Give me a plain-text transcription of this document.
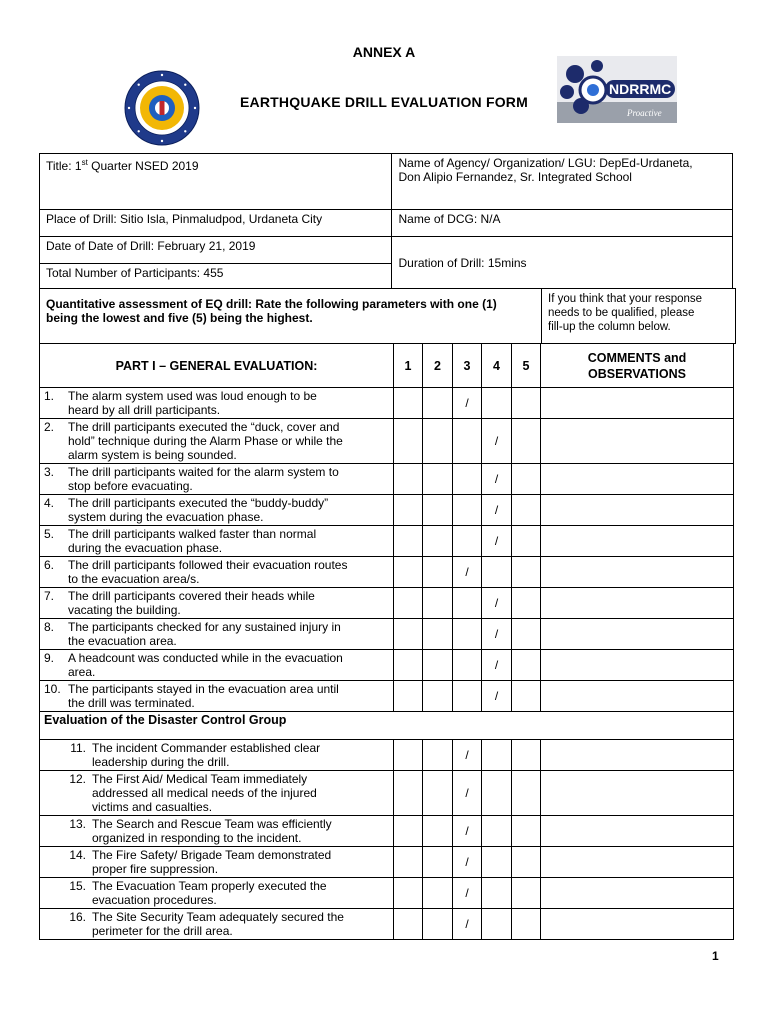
ANNEX A
EARTHQUAKE DRILL EVALUATION FORM
NDRRMC
Proactive
Title: 1st Quarter NSED 2019	Name of Agency/ Organization/ LGU: DepEd-Urdaneta,
Don Alipio Fernandez, Sr. Integrated School

Place of Drill: Sitio Isla, Pinmaludpod, Urdaneta City	Name of DCG: N/A
Date of Date of Drill: February 21, 2019	Duration of Drill: 15mins
Total Number of Participants: 455	
Quantitative assessment of EQ drill: Rate the following parameters with one (1)
being the lowest and five (5) being the highest.

If you think that your response
needs to be qualified, please
fill-up the column below.
PART I – GENERAL EVALUATION:	1	2	3	4	5	COMMENTS and
OBSERVATIONS

1. The alarm system used was loud enough to be
heard by all drill participants.			/			

2. The drill participants executed the “duck, cover and
hold” technique during the Alarm Phase or while the
alarm system is being sounded.				/		

3. The drill participants waited for the alarm system to
stop before evacuating.				/		

4. The drill participants executed the “buddy-buddy”
system during the evacuation phase.				/		

5. The drill participants walked faster than normal
during the evacuation phase.				/		

6. The drill participants followed their evacuation routes
to the evacuation area/s.			/			

7. The drill participants covered their heads while
vacating the building.				/		

8. The participants checked for any sustained injury in
the evacuation area.				/		

9. A headcount was conducted while in the evacuation
area.				/		

10. The participants stayed in the evacuation area until
the drill was terminated.				/		
Evaluation of the Disaster Control Group						

11. The incident Commander established clear
leadership during the drill.			/			

12. The First Aid/ Medical Team immediately
addressed all medical needs of the injured
victims and casualties.			/			

13. The Search and Rescue Team was efficiently
organized in responding to the incident.			/			

14. The Fire Safety/ Brigade Team demonstrated
proper fire suppression.			/			

15. The Evacuation Team properly executed the
evacuation procedures.			/			

16. The Site Security Team adequately secured the
perimeter for the drill area.			/			
1
